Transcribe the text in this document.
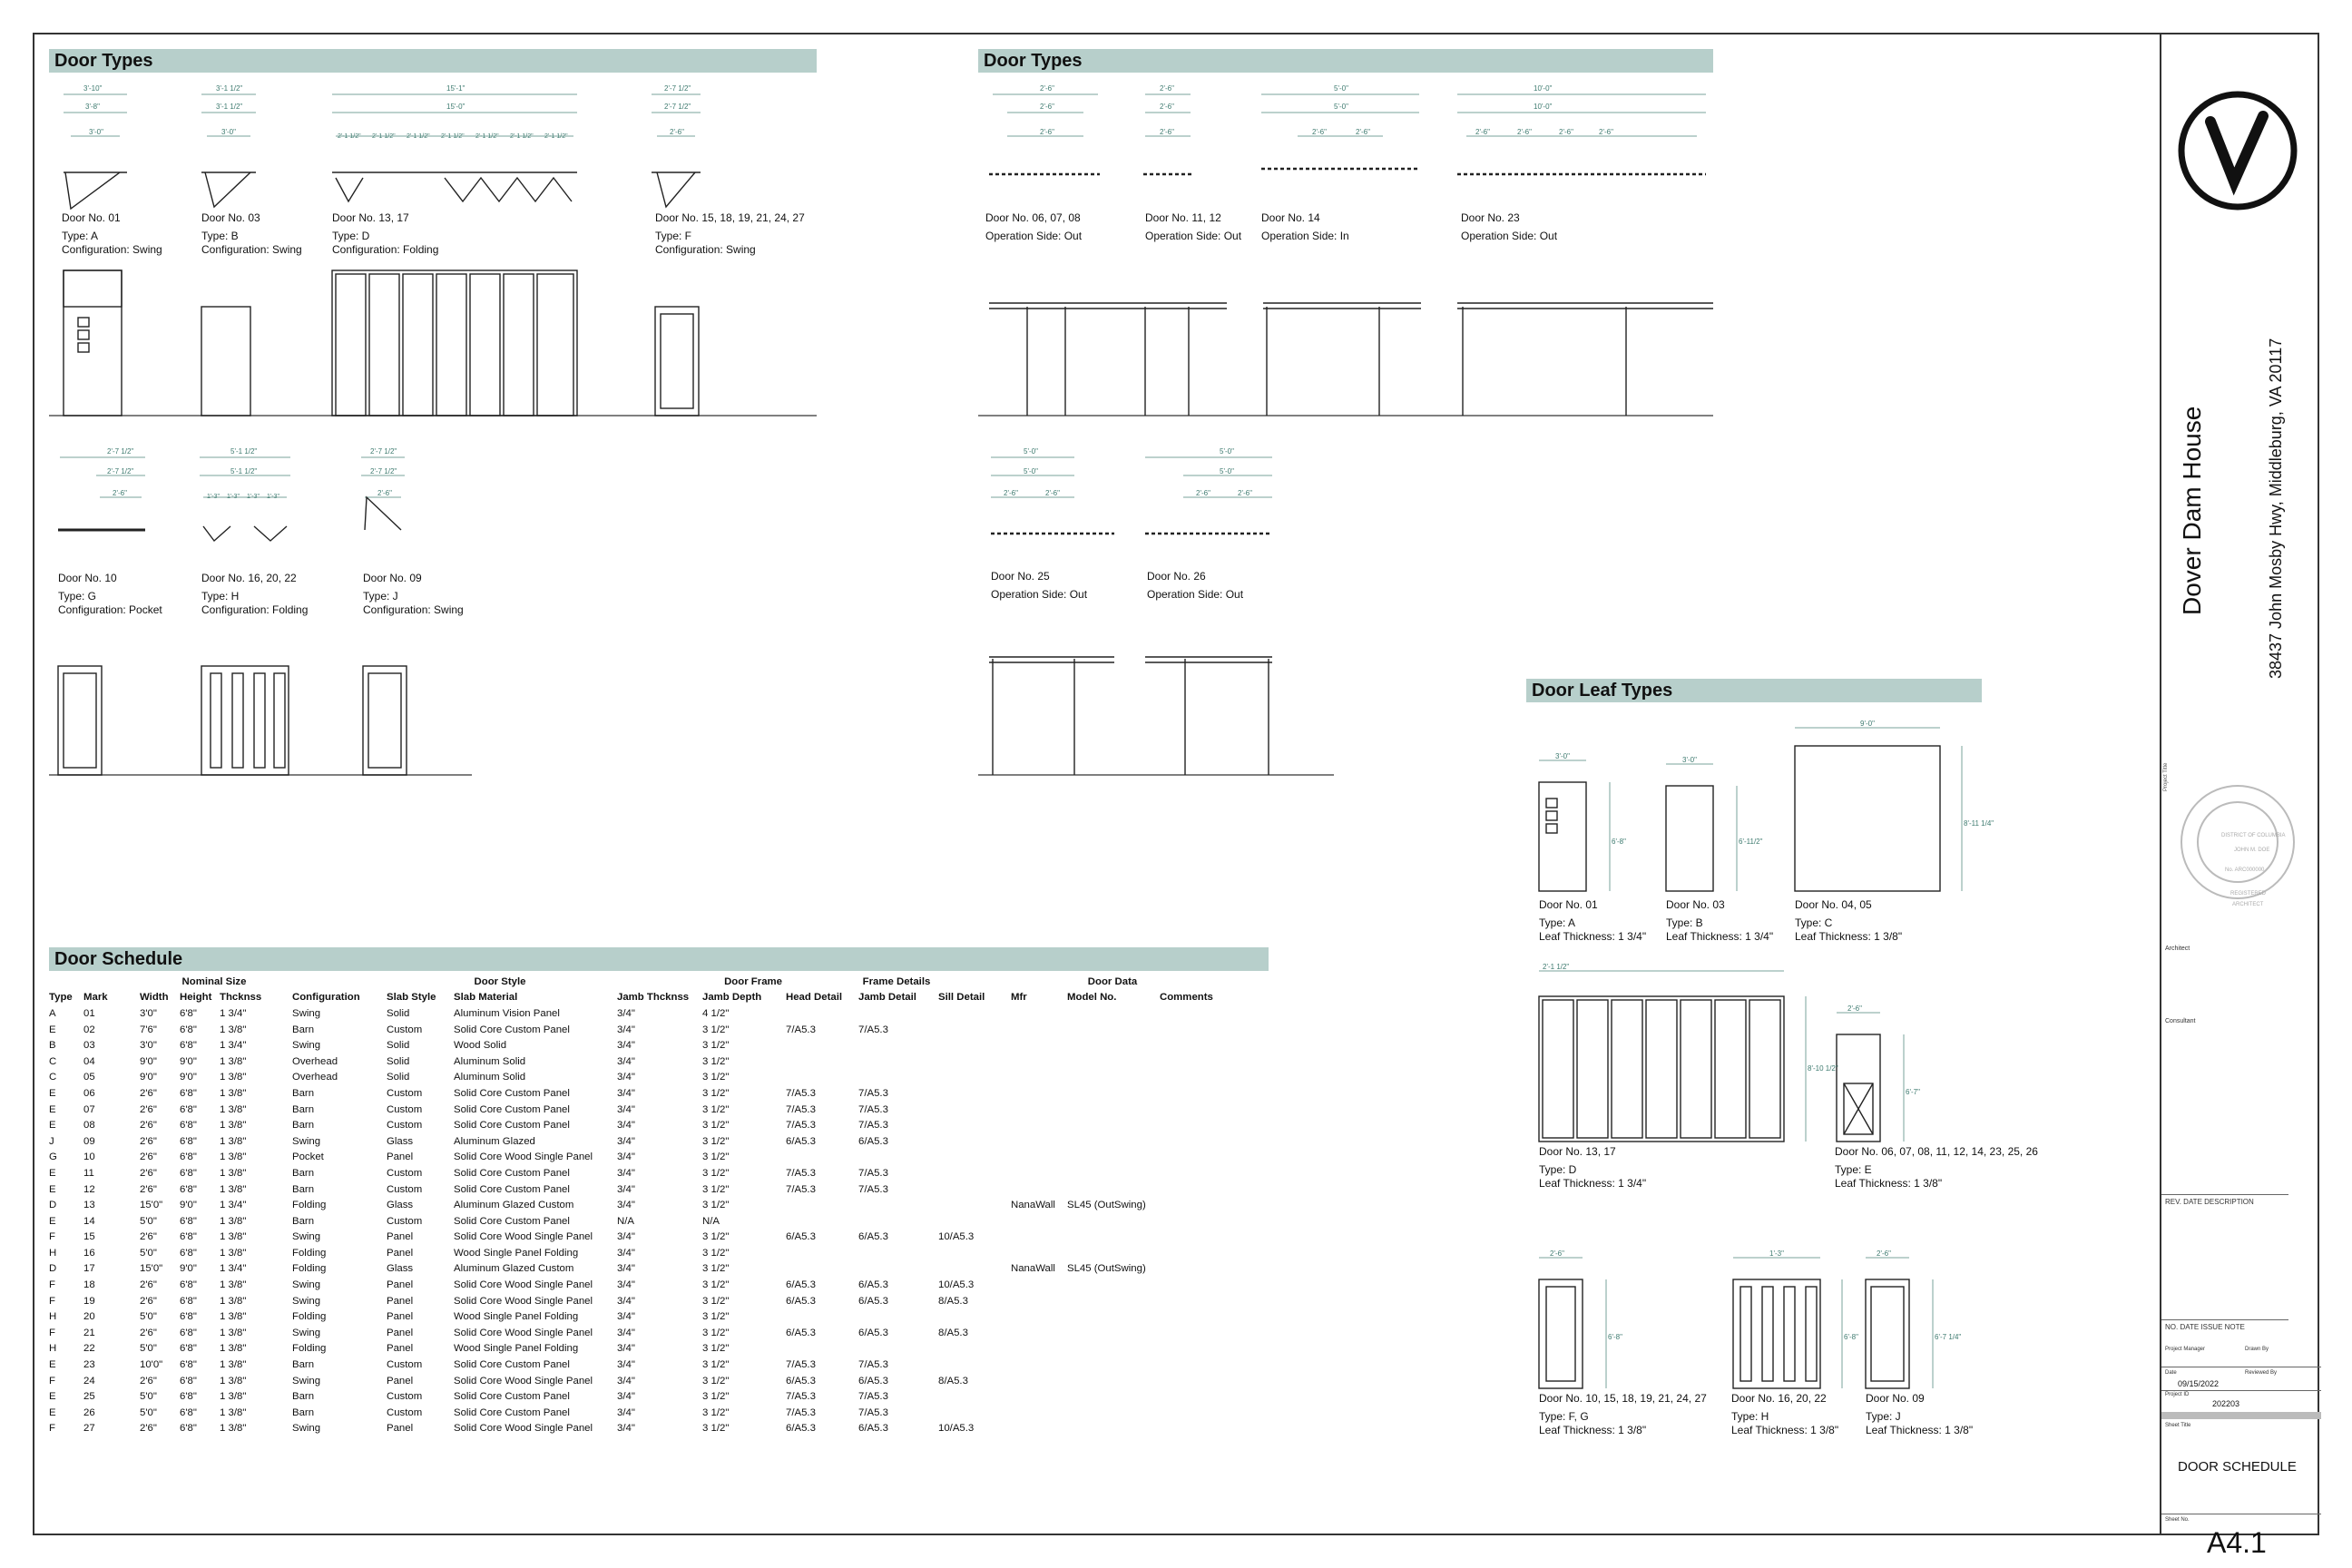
Door Types	Door Types
Door Leaf Types
Door Schedule
3'-10"
3'-8"
3'-0"
3'-1 1/2"
3'-1 1/2"
3'-0"
15'-1"
15'-0"
2'-1 1/2" 2'-1 1/2" 2'-1 1/2" 2'-1 1/2" 2'-1 1/2" 2'-1 1/2" 2'-1 1/2"
2'-7 1/2"
2'-7 1/2"
2'-6"
2'-7 1/2"
2'-7 1/2"
2'-6"
5'-1 1/2"
5'-1 1/2"
1'-3" 1'-3" 1'-3" 1'-3"
2'-7 1/2"
2'-7 1/2"
2'-6"
2'-6"
2'-6"
2'-6"
2'-6"
2'-6"
2'-6"
5'-0"
5'-0"
2'-6"	2'-6"
10'-0"
10'-0"
2'-6"	2'-6"	2'-6"	2'-6"
5'-0"
5'-0"
2'-6"	2'-6"
5'-0"
5'-0"
2'-6"	2'-6"
Door No. 01
Type: A
Configuration: Swing
Door No. 03
Type: B
Configuration: Swing
Door No. 13, 17
Type: D
Configuration: Folding
Door No. 15, 18, 19, 21, 24, 27
Type: F
Configuration: Swing
Door No. 10
Type: G
Configuration: Pocket
Door No. 16, 20, 22
Type: H
Configuration: Folding
Door No. 09
Type: J
Configuration: Swing
Door No. 06, 07, 08
Operation Side: Out
Door No. 11, 12
Operation Side: Out
Door No. 14
Operation Side: In
Door No. 23
Operation Side: Out
Door No. 25
Operation Side: Out
Door No. 26
Operation Side: Out
3'-0"
6'-8"
3'-0"
6'-11/2"
9'-0"
8'-11 1/4"
2'-1 1/2"
8'-10 1/2"
2'-6"
6'-7"
2'-6"
6'-8"
1'-3"
6'-8"
2'-6"
6'-7 1/4"
Door No. 01
Type: A
Leaf Thickness: 1 3/4"
Door No. 03
Type: B
Leaf Thickness: 1 3/4"
Door No. 04, 05
Type: C
Leaf Thickness: 1 3/8"
Door No. 13, 17
Type: D
Leaf Thickness: 1 3/4"
Door No. 06, 07, 08, 11, 12, 14, 23, 25, 26
Type: E
Leaf Thickness: 1 3/8"
Door No. 10, 15, 18, 19, 21, 24, 27
Type: F, G
Leaf Thickness: 1 3/8"
Door No. 16, 20, 22
Type: H
Leaf Thickness: 1 3/8"
Door No. 09
Type: J
Leaf Thickness: 1 3/8"
		Nominal Size				Door Style		Door Frame		Frame Details			Door Data		
Type	Mark	Width	Height	Thcknss	Configuration	Slab Style	Slab Material	Jamb Thcknss	Jamb Depth	Head Detail	Jamb Detail	Sill Detail	Mfr	Model No.	Comments
A	01	3'0"	6'8"	1 3/4"	Swing	Solid	Aluminum Vision Panel	3/4"	4 1/2"						
E	02	7'6"	6'8"	1 3/8"	Barn	Custom	Solid Core Custom Panel	3/4"	3 1/2"	7/A5.3	7/A5.3				
B	03	3'0"	6'8"	1 3/4"	Swing	Solid	Wood Solid	3/4"	3 1/2"						
C	04	9'0"	9'0"	1 3/8"	Overhead	Solid	Aluminum Solid	3/4"	3 1/2"						
C	05	9'0"	9'0"	1 3/8"	Overhead	Solid	Aluminum Solid	3/4"	3 1/2"						
E	06	2'6"	6'8"	1 3/8"	Barn	Custom	Solid Core Custom Panel	3/4"	3 1/2"	7/A5.3	7/A5.3				
E	07	2'6"	6'8"	1 3/8"	Barn	Custom	Solid Core Custom Panel	3/4"	3 1/2"	7/A5.3	7/A5.3				
E	08	2'6"	6'8"	1 3/8"	Barn	Custom	Solid Core Custom Panel	3/4"	3 1/2"	7/A5.3	7/A5.3				
J	09	2'6"	6'8"	1 3/8"	Swing	Glass	Aluminum Glazed	3/4"	3 1/2"	6/A5.3	6/A5.3				
G	10	2'6"	6'8"	1 3/8"	Pocket	Panel	Solid Core Wood Single Panel	3/4"	3 1/2"						
E	11	2'6"	6'8"	1 3/8"	Barn	Custom	Solid Core Custom Panel	3/4"	3 1/2"	7/A5.3	7/A5.3				
E	12	2'6"	6'8"	1 3/8"	Barn	Custom	Solid Core Custom Panel	3/4"	3 1/2"	7/A5.3	7/A5.3				
D	13	15'0"	9'0"	1 3/4"	Folding	Glass	Aluminum Glazed Custom	3/4"	3 1/2"				NanaWall	SL45 (OutSwing)	
E	14	5'0"	6'8"	1 3/8"	Barn	Custom	Solid Core Custom Panel	N/A	N/A						
F	15	2'6"	6'8"	1 3/8"	Swing	Panel	Solid Core Wood Single Panel	3/4"	3 1/2"	6/A5.3	6/A5.3	10/A5.3			
H	16	5'0"	6'8"	1 3/8"	Folding	Panel	Wood Single Panel Folding	3/4"	3 1/2"						
D	17	15'0"	9'0"	1 3/4"	Folding	Glass	Aluminum Glazed Custom	3/4"	3 1/2"				NanaWall	SL45 (OutSwing)	
F	18	2'6"	6'8"	1 3/8"	Swing	Panel	Solid Core Wood Single Panel	3/4"	3 1/2"	6/A5.3	6/A5.3	10/A5.3			
F	19	2'6"	6'8"	1 3/8"	Swing	Panel	Solid Core Wood Single Panel	3/4"	3 1/2"	6/A5.3	6/A5.3	8/A5.3			
H	20	5'0"	6'8"	1 3/8"	Folding	Panel	Wood Single Panel Folding	3/4"	3 1/2"						
F	21	2'6"	6'8"	1 3/8"	Swing	Panel	Solid Core Wood Single Panel	3/4"	3 1/2"	6/A5.3	6/A5.3	8/A5.3			
H	22	5'0"	6'8"	1 3/8"	Folding	Panel	Wood Single Panel Folding	3/4"	3 1/2"						
E	23	10'0"	6'8"	1 3/8"	Barn	Custom	Solid Core Custom Panel	3/4"	3 1/2"	7/A5.3	7/A5.3				
F	24	2'6"	6'8"	1 3/8"	Swing	Panel	Solid Core Wood Single Panel	3/4"	3 1/2"	6/A5.3	6/A5.3	8/A5.3			
E	25	5'0"	6'8"	1 3/8"	Barn	Custom	Solid Core Custom Panel	3/4"	3 1/2"	7/A5.3	7/A5.3				
E	26	5'0"	6'8"	1 3/8"	Barn	Custom	Solid Core Custom Panel	3/4"	3 1/2"	7/A5.3	7/A5.3				
F	27	2'6"	6'8"	1 3/8"	Swing	Panel	Solid Core Wood Single Panel	3/4"	3 1/2"	6/A5.3	6/A5.3	10/A5.3			
Dover Dam House	38437 John Mosby Hwy, Middleburg, VA 20117
Project Title
DISTRICT OF COLUMBIA
JOHN M. DOE
No. ARC000000
REGISTERED
ARCHITECT
Architect
Consultant
REV. DATE DESCRIPTION
NO. DATE ISSUE NOTE
Project Manager	Drawn By
Date	Reviewed By
09/15/2022
Project ID
202203
Sheet Title
DOOR SCHEDULE
Sheet No.
A4.1
